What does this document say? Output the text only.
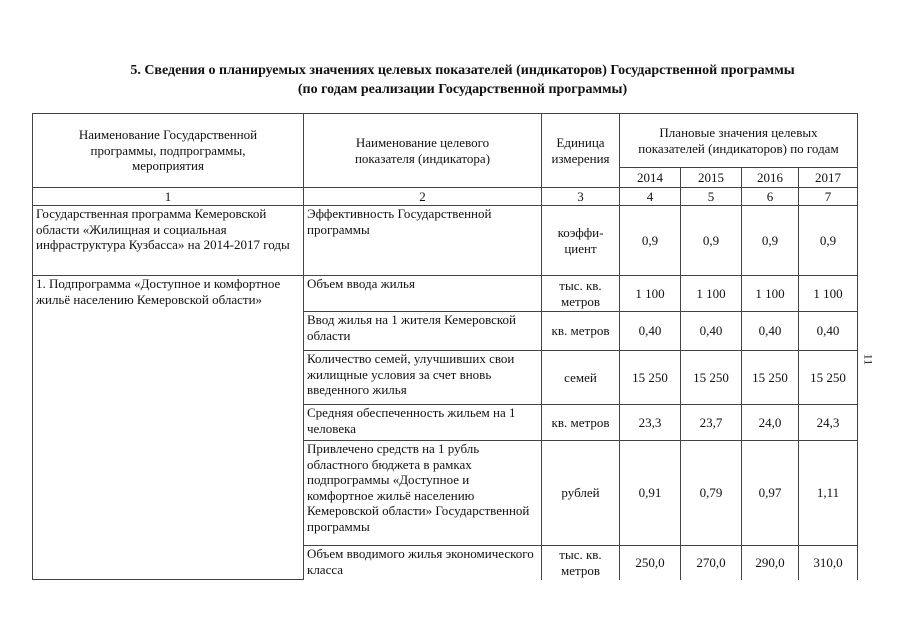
5. Сведения о планируемых значениях целевых показателей (индикаторов) Государственной программы
(по годам реализации Государственной программы)
11
Наименование Государственной программы, подпрограммы, мероприятия	Наименование целевого показателя (индикатора)	Единица измерения	Плановые значения целевых показателей (индикаторов) по годам			
			2014	2015	2016	2017
1	2	3	4	5	6	7
Государственная программа Кемеровской области «Жилищная и социальная инфраструктура Кузбасса» на 2014-2017 годы	Эффективность Государственной программы	коэффи-циент	0,9	0,9	0,9	0,9
1. Подпрограмма «Доступное и комфортное жильё населению Кемеровской области»	Объем ввода жилья	тыс. кв. метров	1 100	1 100	1 100	1 100
	Ввод жилья на 1 жителя Кемеровской области	кв. метров	0,40	0,40	0,40	0,40
	Количество семей, улучшивших свои жилищные условия за счет вновь введенного жилья	семей	15 250	15 250	15 250	15 250
	Средняя обеспеченность жильем на 1 человека	кв. метров	23,3	23,7	24,0	24,3
	Привлечено средств на 1 рубль областного бюджета в рамках подпрограммы «Доступное и комфортное жильё населению Кемеровской области» Государственной программы	рублей	0,91	0,79	0,97	1,11
	Объем вводимого жилья экономического класса	тыс. кв. метров	250,0	270,0	290,0	310,0
